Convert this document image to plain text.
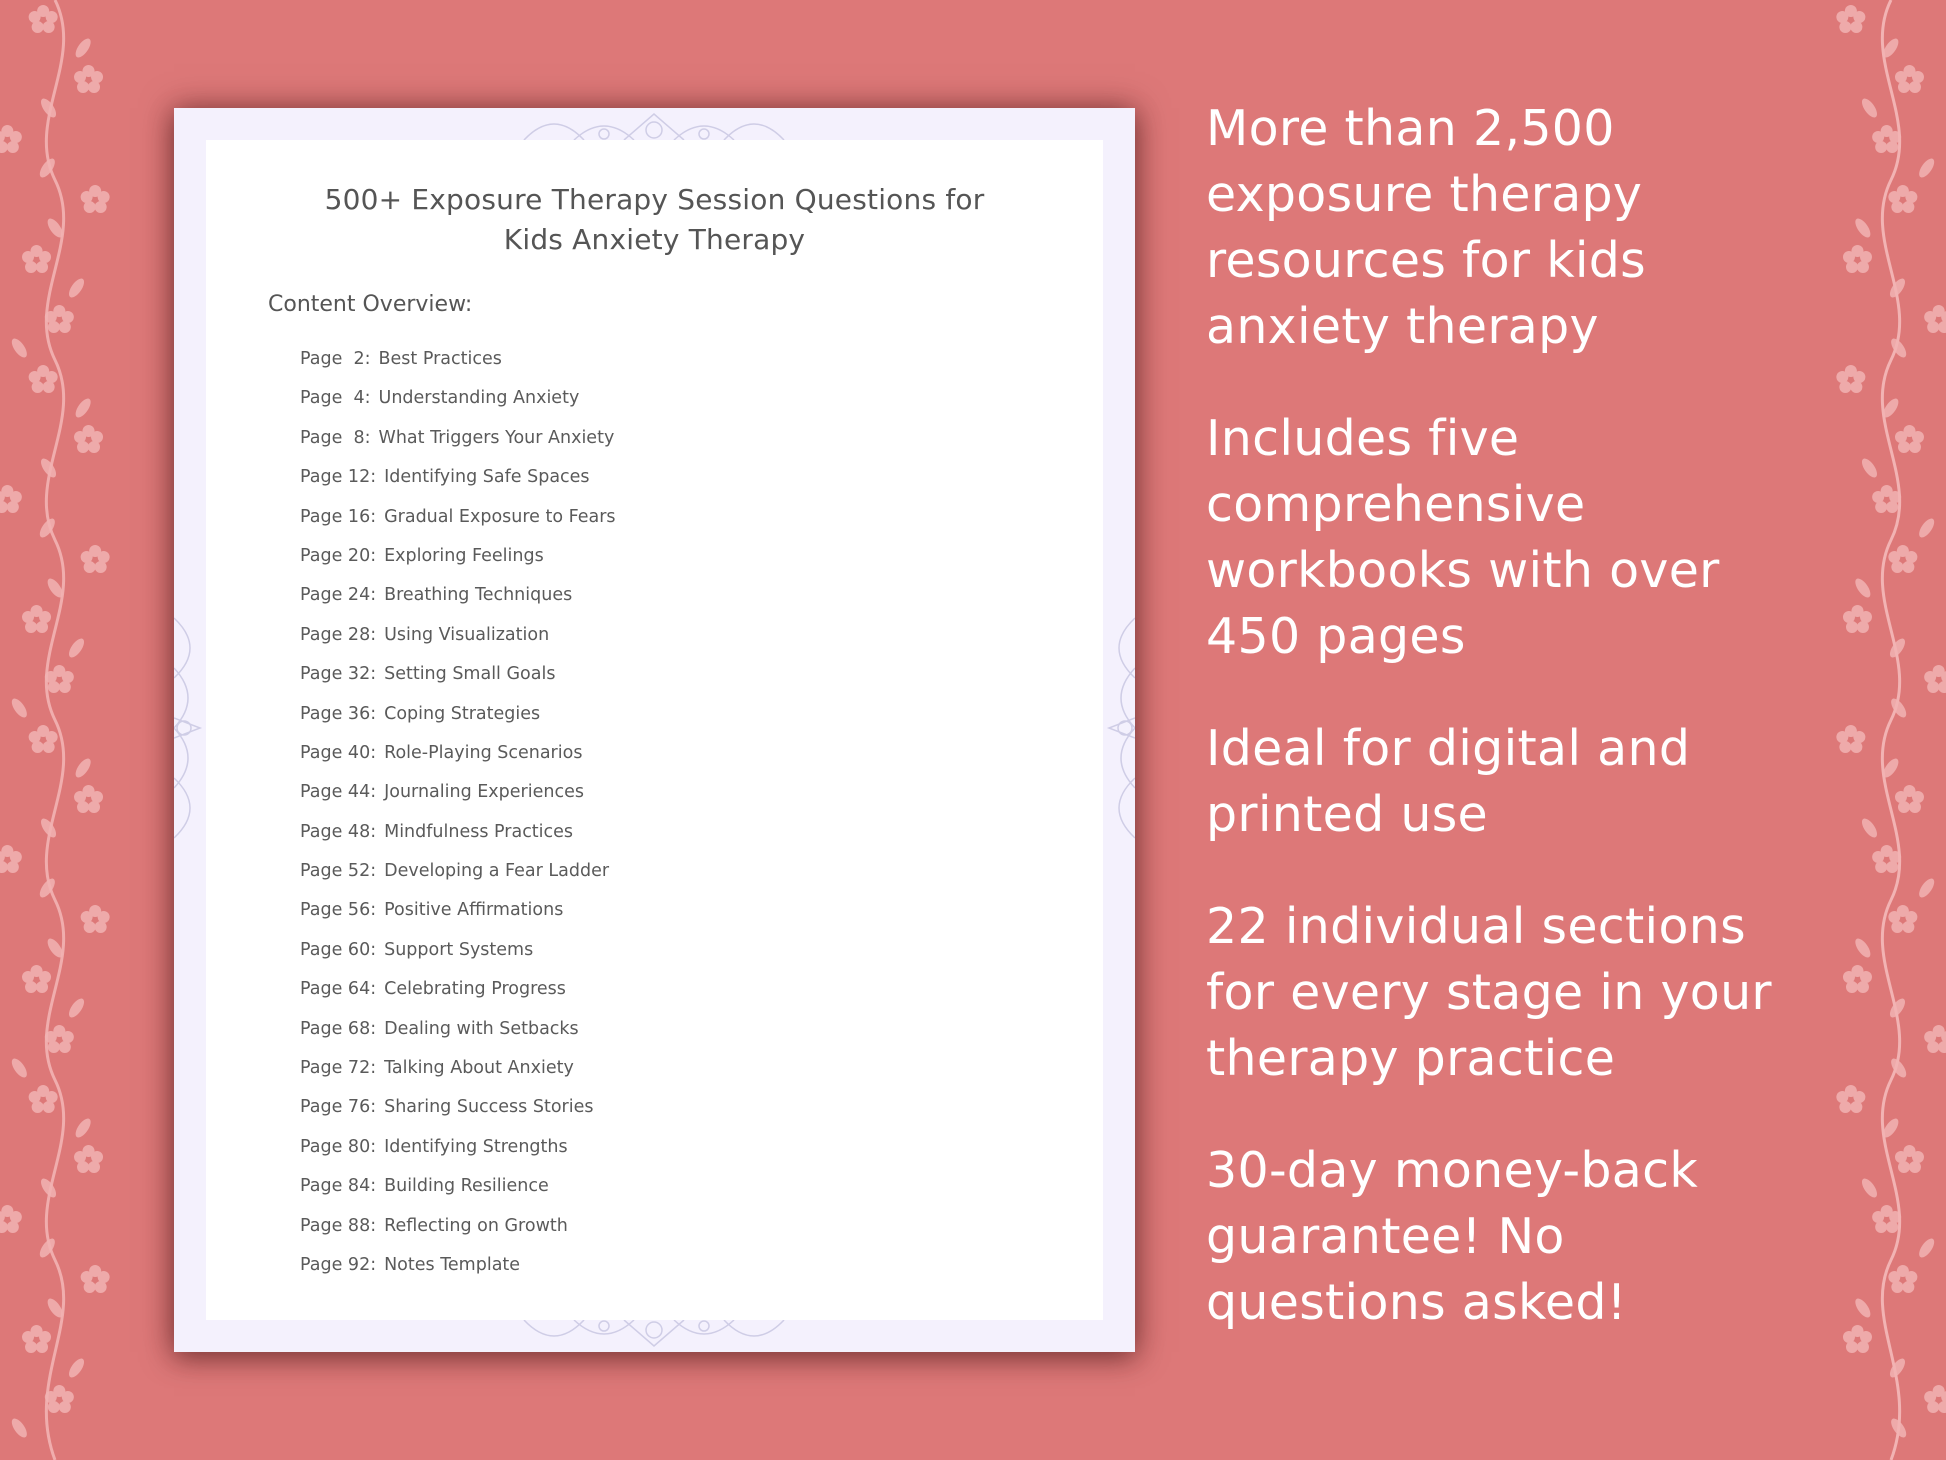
500+ Exposure Therapy Session Questions for
Kids Anxiety Therapy
Content Overview:
Page  2: Best Practices
Page  4: Understanding Anxiety
Page  8: What Triggers Your Anxiety
Page 12: Identifying Safe Spaces
Page 16: Gradual Exposure to Fears
Page 20: Exploring Feelings
Page 24: Breathing Techniques
Page 28: Using Visualization
Page 32: Setting Small Goals
Page 36: Coping Strategies
Page 40: Role-Playing Scenarios
Page 44: Journaling Experiences
Page 48: Mindfulness Practices
Page 52: Developing a Fear Ladder
Page 56: Positive Affirmations
Page 60: Support Systems
Page 64: Celebrating Progress
Page 68: Dealing with Setbacks
Page 72: Talking About Anxiety
Page 76: Sharing Success Stories
Page 80: Identifying Strengths
Page 84: Building Resilience
Page 88: Reflecting on Growth
Page 92: Notes Template
More than 2,500
exposure therapy
resources for kids
anxiety therapy
Includes five
comprehensive
workbooks with over
450 pages
Ideal for digital and
printed use
22 individual sections
for every stage in your
therapy practice
30-day money-back
guarantee! No
questions asked!
